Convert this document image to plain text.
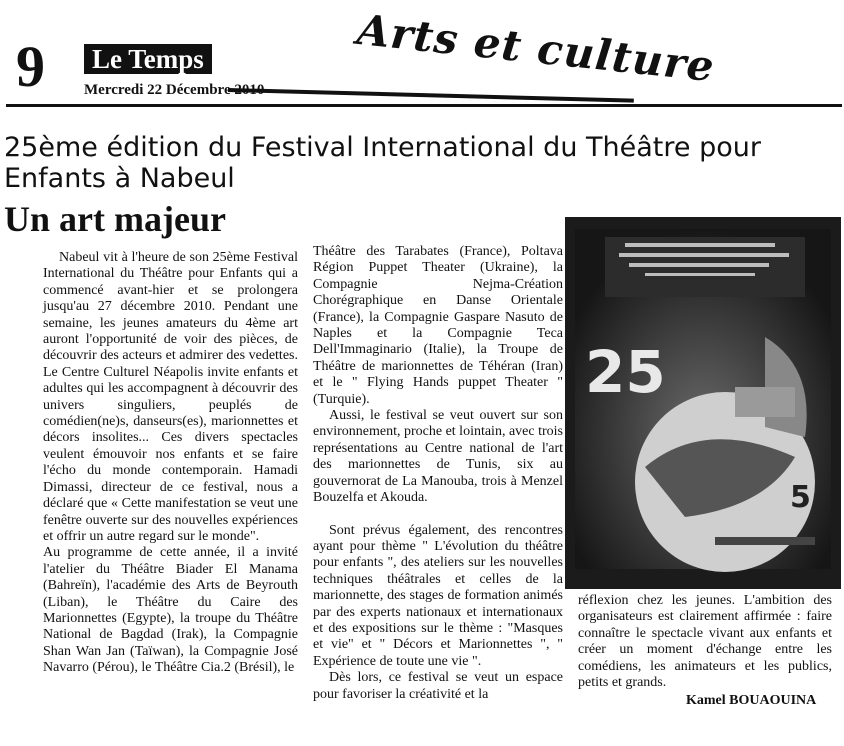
9 Le Temps
Mercredi 22 Décembre 2010 Arts et culture
25ème édition du Festival International du Théâtre pour Enfants à Nabeul
Un art majeur

Nabeul vit à l'heure de son 25ème Festival International du Théâtre pour Enfants qui a commencé avant-hier et se prolongera jusqu'au 27 décembre 2010. Pendant une semaine, les jeunes amateurs du 4ème art auront l'opportunité de voir des pièces, de découvrir des acteurs et admirer des vedettes. Le Centre Culturel Néapolis invite enfants et adultes qui les accompagnent à découvrir des univers singuliers, peuplés de comédien(ne)s, danseurs(es), marionnettes et décors insolites... Ces divers spectacles veulent émouvoir nos enfants et se faire l'écho du monde contemporain. Hamadi Dimassi, directeur de ce festival, nous a déclaré que « Cette manifestation se veut une fenêtre ouverte sur des nouvelles expériences et offrir un autre regard sur le monde".

Au programme de cette année, il a invité l'atelier du Théâtre Biader El Manama (Bahreïn), l'académie des Arts de Beyrouth (Liban), le Théâtre du Caire des Marionnettes (Egypte), la troupe du Théâtre National de Bagdad (Irak), la Compagnie Shan Wan Jan (Taïwan), la Compagnie José Navarro (Pérou), le Théâtre Cia.2 (Brésil), le

Théâtre des Tarabates (France), Poltava Région Puppet Theater (Ukraine), la Compagnie Nejma-Création Chorégraphique en Danse Orientale (France), la Compagnie Gaspare Nasuto de Naples et la Compagnie Teca Dell'Immaginario (Italie), la Troupe de Théâtre de marionnettes de Téhéran (Iran) et le " Flying Hands puppet Theater " (Turquie).

Aussi, le festival se veut ouvert sur son environnement, proche et lointain, avec trois représentations au Centre national de l'art des marionnettes de Tunis, six au gouvernorat de La Manouba, trois à Menzel Bouzelfa et Akouda.

Sont prévus également, des rencontres ayant pour thème " L'évolution du théâtre pour enfants ", des ateliers sur les nouvelles techniques théâtrales et celles de la marionnette, des stages de formation animés par des experts nationaux et internationaux et des expositions sur le thème : "Masques et vie" et " Décors et Marionnettes ", " Expérience de toute une vie ".

Dès lors, ce festival se veut un espace pour favoriser la créativité et la

25
5

réflexion chez les jeunes. L'ambition des organisateurs est clairement affirmée : faire connaître le spectacle vivant aux enfants et créer un moment d'échange entre les comédiens, les animateurs et les publics, petits et grands.

Kamel BOUAOUINA
